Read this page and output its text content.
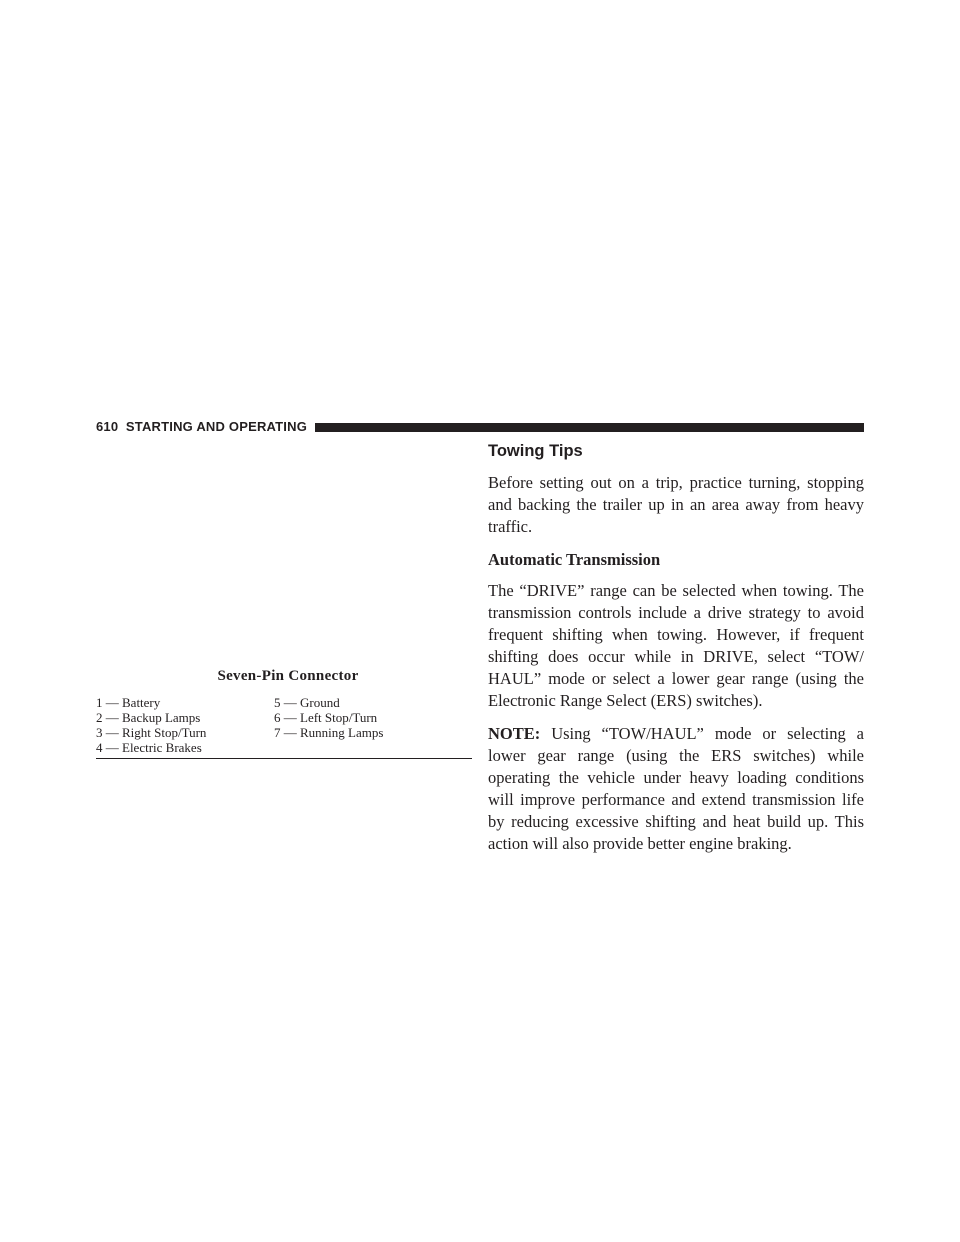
610 STARTING AND OPERATING
Seven-Pin Connector
1 — Battery	5 — Ground
2 — Backup Lamps	6 — Left Stop/Turn
3 — Right Stop/Turn	7 — Running Lamps
4 — Electric Brakes
Towing Tips

Before setting out on a trip, practice turning, stopping and backing the trailer up in an area away from heavy traffic.

Automatic Transmission

The “DRIVE” range can be selected when towing. The transmission controls include a drive strategy to avoid frequent shifting when towing. However, if frequent shifting does occur while in DRIVE, select “TOW/ HAUL” mode or select a lower gear range (using the Electronic Range Select (ERS) switches).

NOTE: Using “TOW/HAUL” mode or selecting a lower gear range (using the ERS switches) while operating the vehicle under heavy loading conditions will improve performance and extend transmission life by reducing excessive shifting and heat build up. This action will also provide better engine braking.
